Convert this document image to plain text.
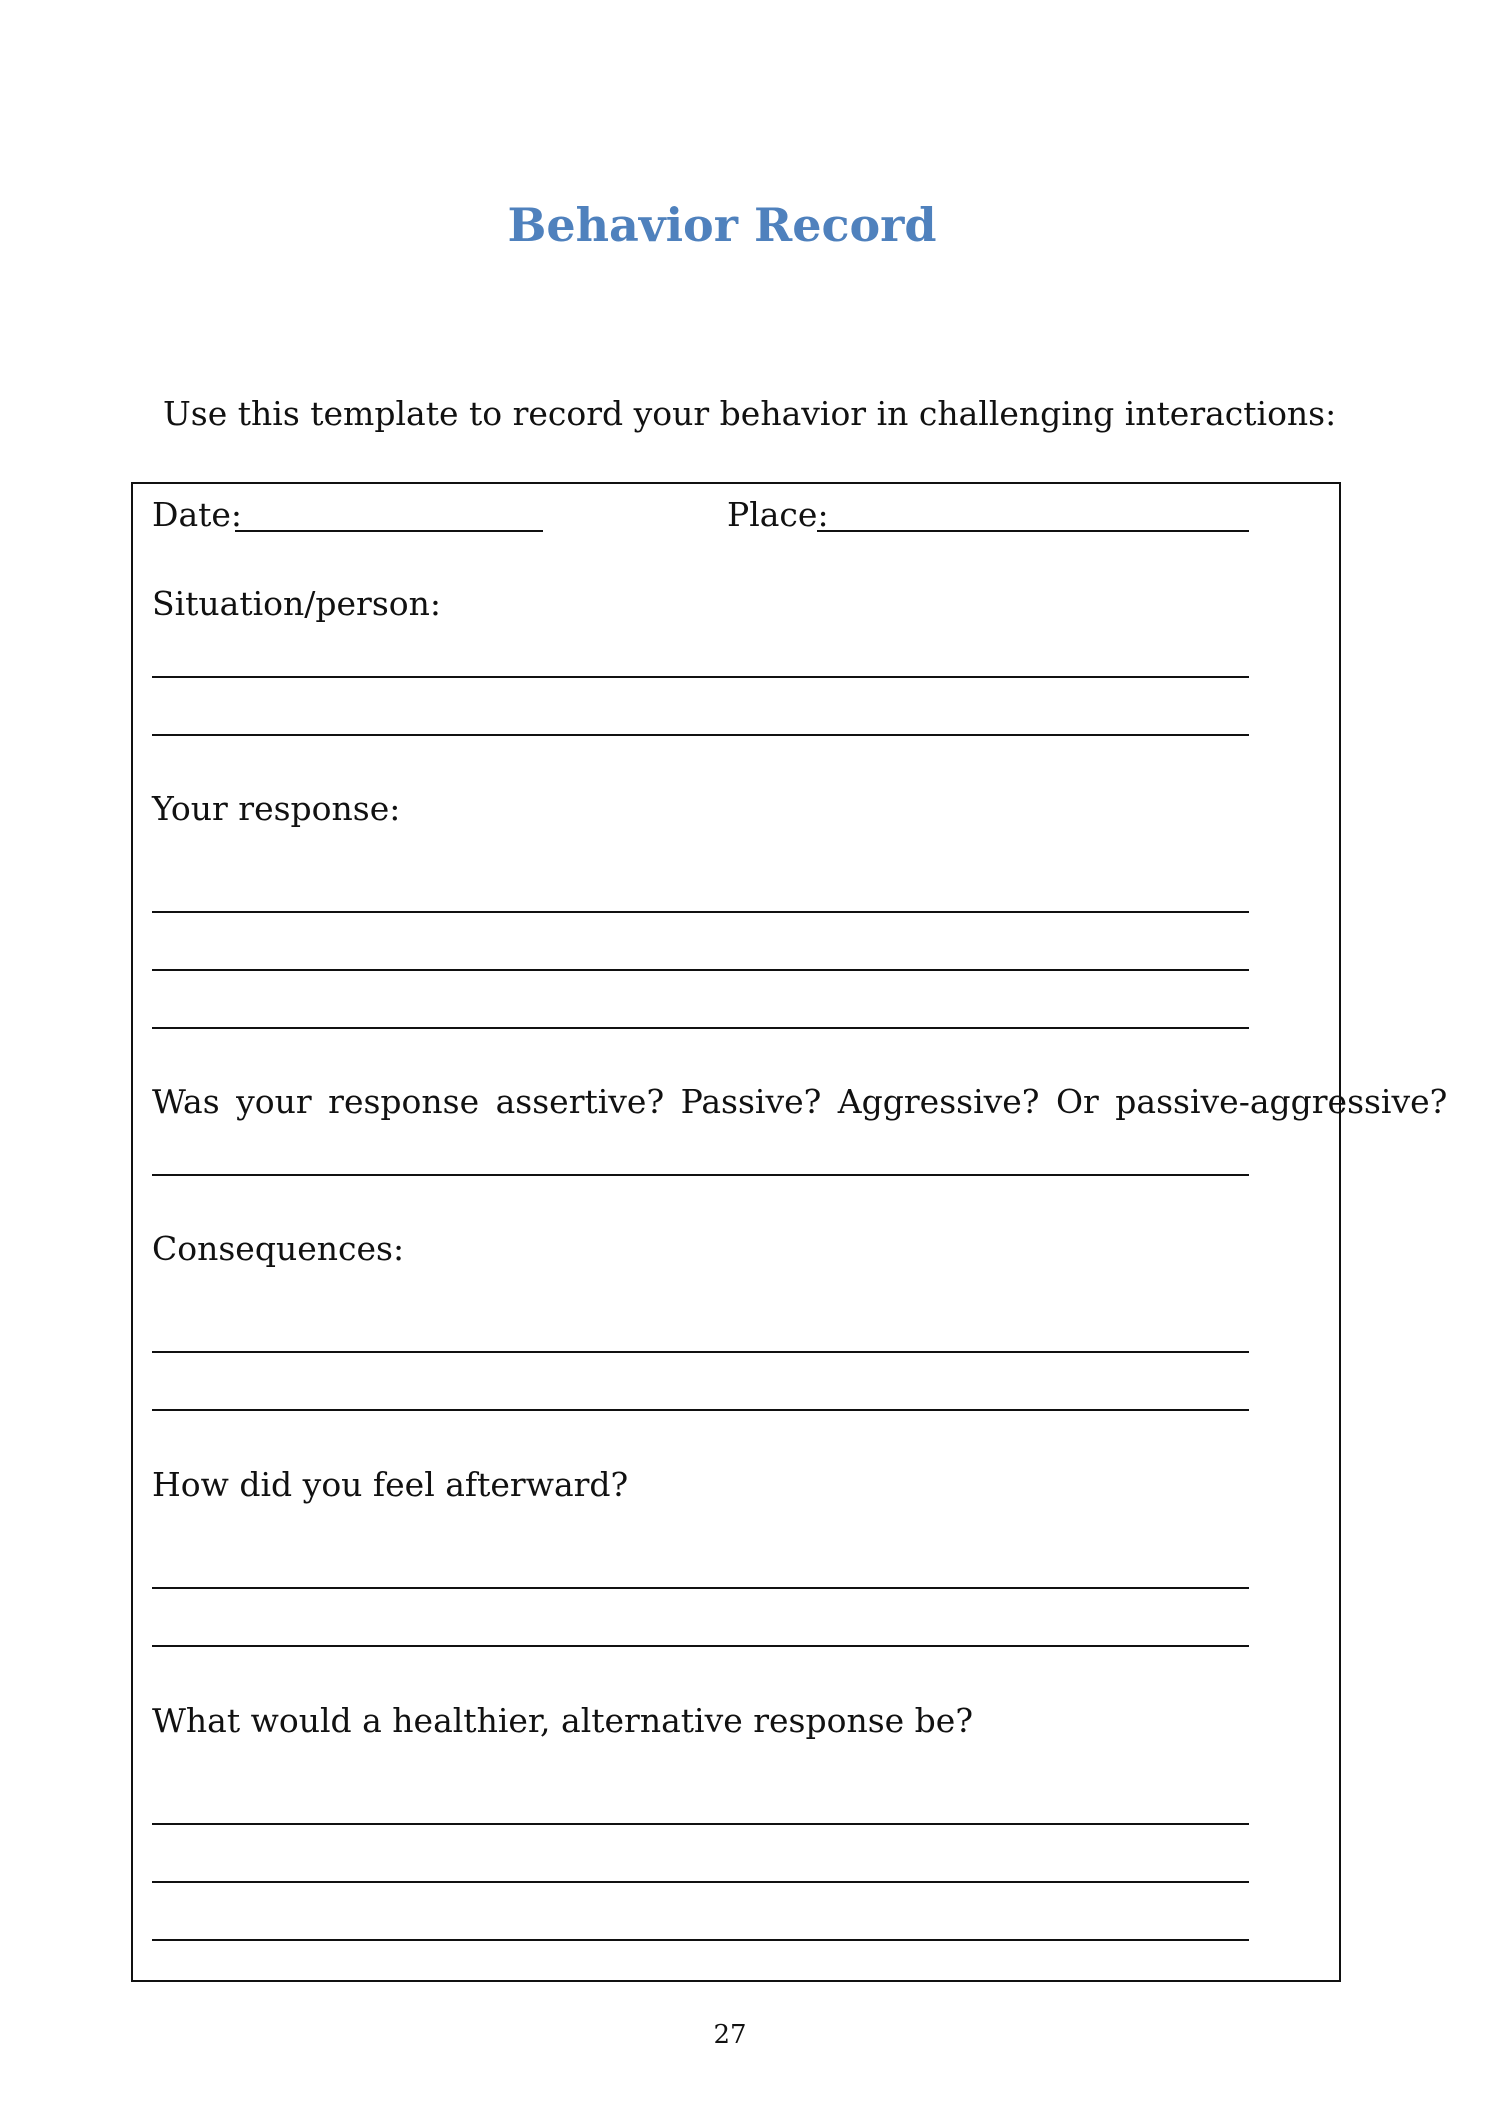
Behavior Record

Use this template to record your behavior in challenging interactions:

Date:	Place:
Situation/person:
Your response:
Was your response assertive? Passive? Aggressive? Or passive-aggressive?
Consequences:
How did you feel afterward?
What would a healthier, alternative response be?

27
